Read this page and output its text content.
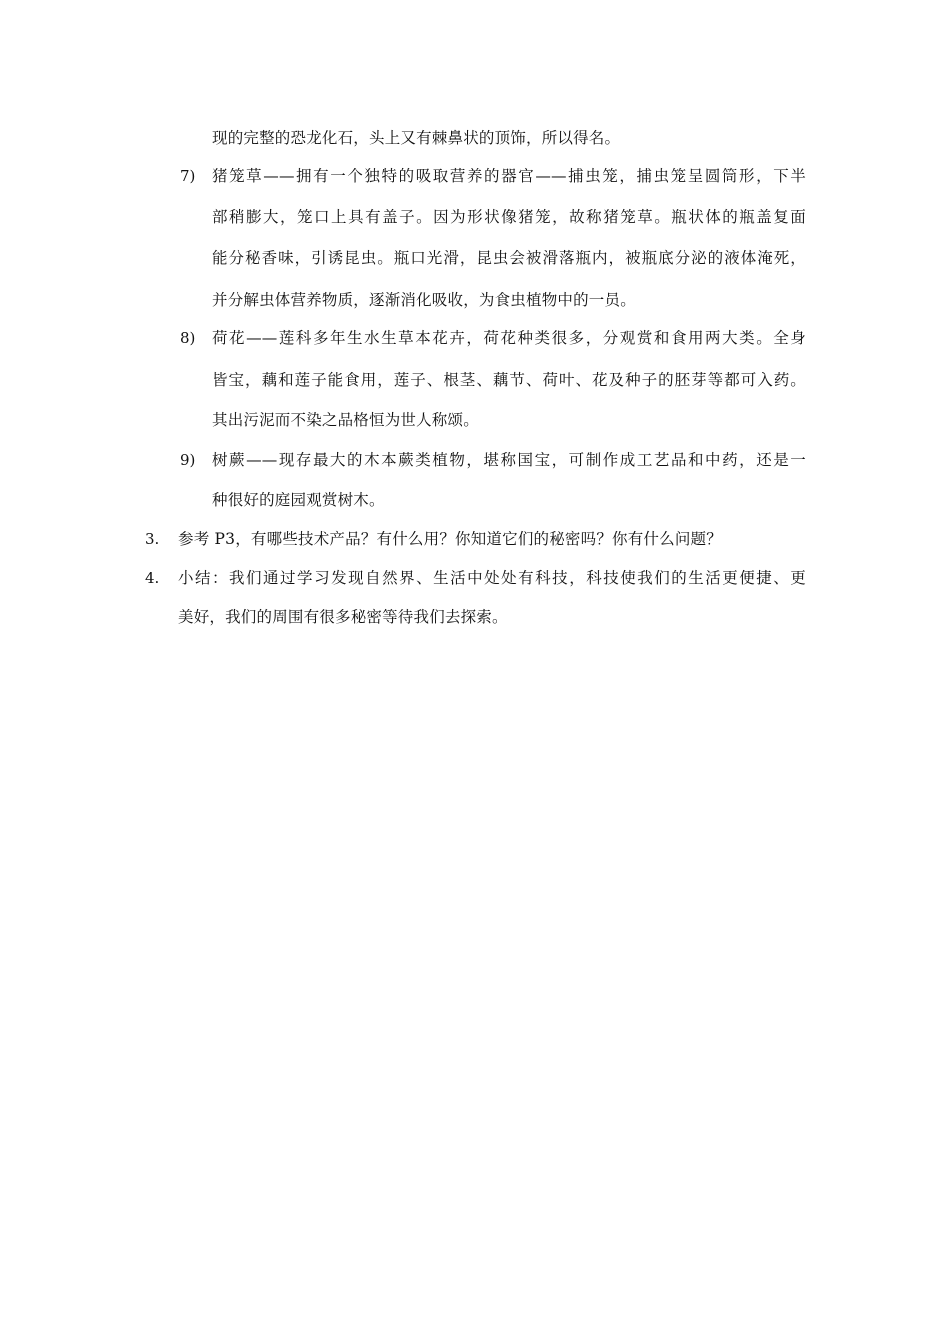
现的完整的恐龙化石，头上又有棘鼻状的顶饰，所以得名。
7) 猪笼草——拥有一个独特的吸取营养的器官——捕虫笼，捕虫笼呈圆筒形，下半
部稍膨大，笼口上具有盖子。因为形状像猪笼，故称猪笼草。瓶状体的瓶盖复面
能分秘香味，引诱昆虫。瓶口光滑，昆虫会被滑落瓶内，被瓶底分泌的液体淹死，
并分解虫体营养物质，逐渐消化吸收，为食虫植物中的一员。
8) 荷花——莲科多年生水生草本花卉，荷花种类很多，分观赏和食用两大类。全身
皆宝，藕和莲子能食用，莲子、根茎、藕节、荷叶、花及种子的胚芽等都可入药。
其出污泥而不染之品格恒为世人称颂。
9) 树蕨——现存最大的木本蕨类植物，堪称国宝，可制作成工艺品和中药，还是一
种很好的庭园观赏树木。
3. 参考 P3，有哪些技术产品？有什么用？你知道它们的秘密吗？你有什么问题？
4. 小结：我们通过学习发现自然界、生活中处处有科技，科技使我们的生活更便捷、更
美好，我们的周围有很多秘密等待我们去探索。
